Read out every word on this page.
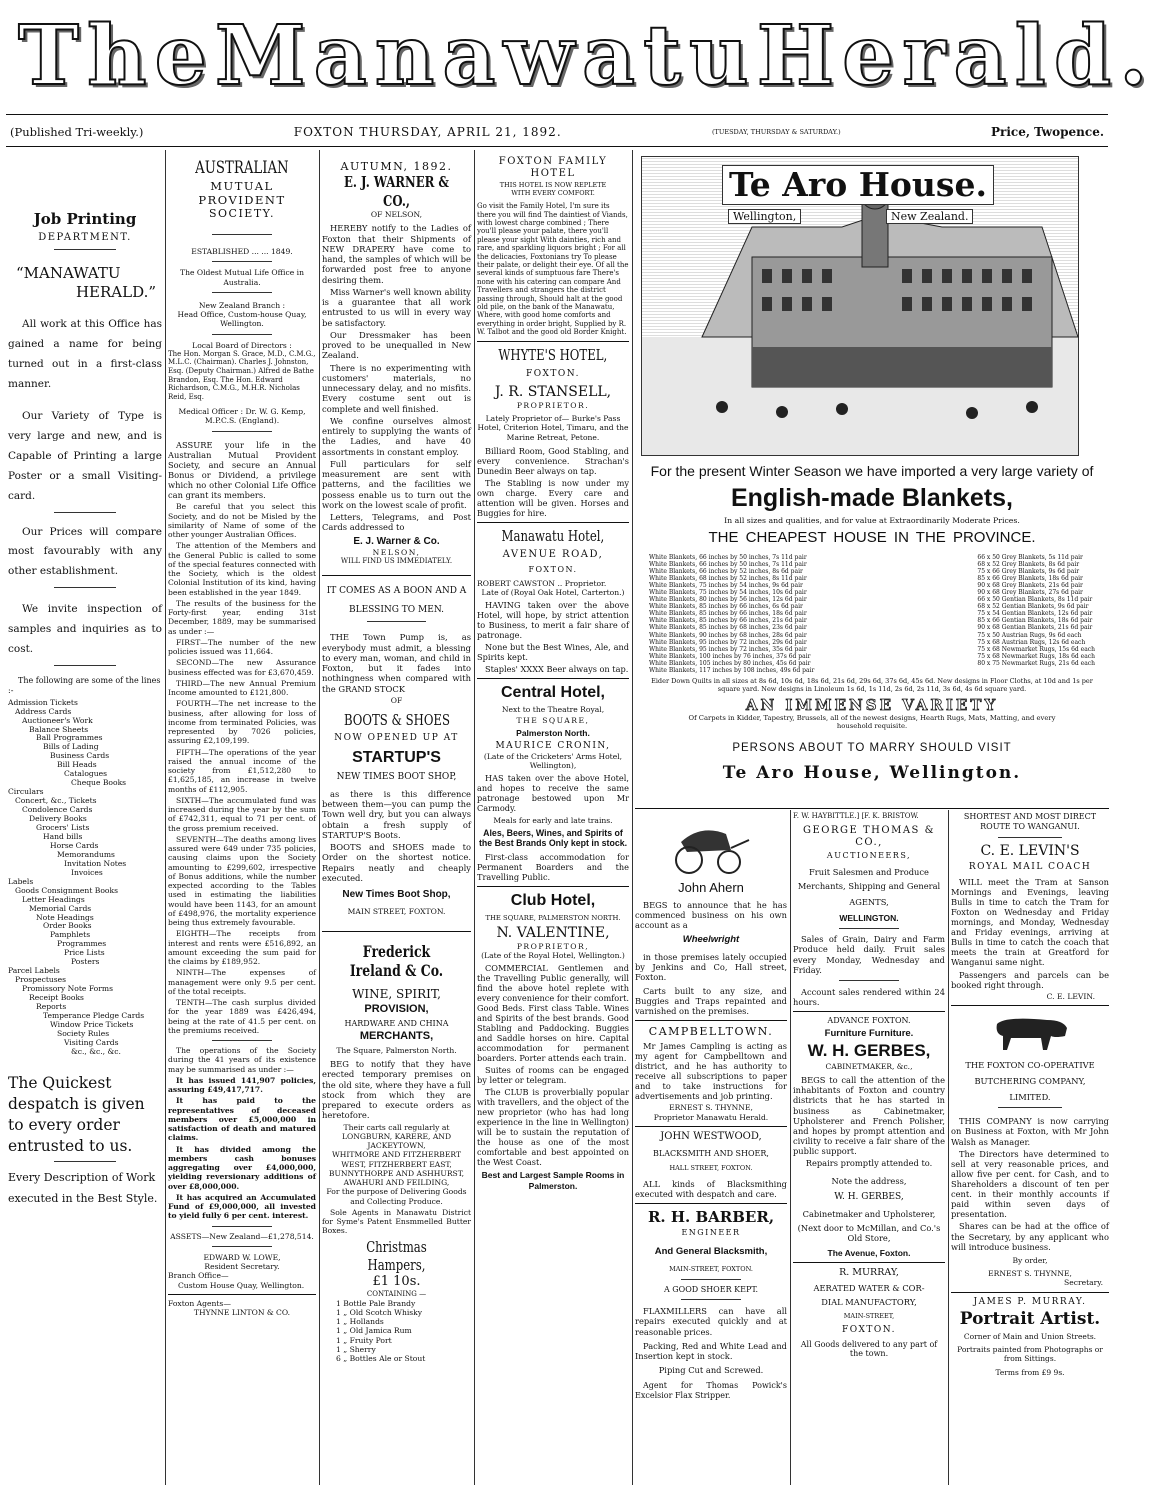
The Manawatu Herald.
(Published Tri-weekly.)	FOXTON THURSDAY, APRIL 21, 1892.	(TUESDAY, THURSDAY & SATURDAY.)	Price, Twopence.
Job Printing
DEPARTMENT.
“MANAWATU
HERALD.”
All work at this Office has gained a name for being turned out in a first-class manner.
Our Variety of Type is very large and new, and is Capable of Printing a large Poster or a small Visiting-card.
Our Prices will compare most favourably with any other establishment.
We invite inspection of samples and inquiries as to cost.
The following are some of the lines :-
Admission Tickets
Address Cards
Auctioneer's Work
Balance Sheets
Ball Programmes
Bills of Lading
Business Cards
Bill Heads
Catalogues
Cheque Books
Circulars
Concert, &c., Tickets
Condolence Cards
Delivery Books
Grocers' Lists
Hand bills
Horse Cards
Memorandums
Invitation Notes
Invoices
Labels
Goods Consignment Books
Letter Headings
Memorial Cards
Note Headings
Order Books
Pamphlets
Programmes
Price Lists
Posters
Parcel Labels
Prospectuses
Promissory Note Forms
Receipt Books
Reports
Temperance Pledge Cards
Window Price Tickets
Society Rules
Visiting Cards
&c., &c., &c.
The Quickest despatch is given to every order entrusted to us.
Every Description of Work executed in the Best Style.
AUSTRALIAN
MUTUAL PROVIDENT
SOCIETY.
ESTABLISHED ... ... 1849.
The Oldest Mutual Life Office in Australia.
New Zealand Branch :
Head Office, Custom-house Quay, Wellington.
Local Board of Directors :
The Hon. Morgan S. Grace, M.D., C.M.G., M.L.C. (Chairman). Charles J. Johnston, Esq. (Deputy Chairman.) Alfred de Bathe Brandon, Esq. The Hon. Edward Richardson, C.M.G., M.H.R. Nicholas Reid, Esq.
Medical Officer : Dr. W. G. Kemp, M.P.C.S. (England).
ASSURE your life in the Australian Mutual Provident Society, and secure an Annual Bonus or Dividend, a privilege which no other Colonial Life Office can grant its members.
Be careful that you select this Society, and do not be Misled by the similarity of Name of some of the other younger Australian Offices.
The attention of the Members and the General Public is called to some of the special features connected with the Society, which is the oldest Colonial Institution of its kind, having been established in the year 1849.
The results of the business for the Forty-first year, ending 31st December, 1889, may be summarised as under :—
FIRST—The number of the new policies issued was 11,664.
SECOND—The new Assurance business effected was for £3,670,459.
THIRD—The new Annual Premium Income amounted to £121,800.
FOURTH—The net increase to the business, after allowing for loss of income from terminated Policies, was represented by 7026 policies, assuring £2,109,199.
FIFTH—The operations of the year raised the annual income of the society from £1,512,280 to £1,625,185, an increase in twelve months of £112,905.
SIXTH—The accumulated fund was increased during the year by the sum of £742,311, equal to 71 per cent. of the gross premium received.
SEVENTH—The deaths among lives assured were 649 under 735 policies, causing claims upon the Society amounting to £299,602, irrespective of Bonus additions, while the number expected according to the Tables used in estimating the liabilities would have been 1143, for an amount of £498,976, the mortality experience being thus extremely favourable.
EIGHTH—The receipts from interest and rents were £516,892, an amount exceeding the sum paid for the claims by £189,952.
NINTH—The expenses of management were only 9.5 per cent. of the total receipts.
TENTH—The cash surplus divided for the year 1889 was £426,494, being at the rate of 41.5 per cent. on the premiums received.
The operations of the Society during the 41 years of its existence may be summarised as under :—
It has issued 141,907 policies, assuring £49,417,717.
It has paid to the representatives of deceased members over £5,000,000 in satisfaction of death and matured claims.
It has divided among the members cash bonuses aggregating over £4,000,000, yielding reversionary additions of over £8,000,000.
It has acquired an Accumulated Fund of £9,000,000, all invested to yield fully 6 per cent. interest.
ASSETS—New Zealand—£1,278,514.
EDWARD W. LOWE,
Resident Secretary.
Branch Office—
Custom House Quay, Wellington.
Foxton Agents—
THYNNE LINTON & CO.
AUTUMN, 1892.
E. J. WARNER & CO.,
OF NELSON,
HEREBY notify to the Ladies of Foxton that their Shipments of NEW DRAPERY have come to hand, the samples of which will be forwarded post free to anyone desiring them.
Miss Warner's well known ability is a guarantee that all work entrusted to us will in every way be satisfactory.
Our Dressmaker has been proved to be unequalled in New Zealand.
There is no experimenting with customers' materials, no unnecessary delay, and no misfits. Every costume sent out is complete and well finished.
We confine ourselves almost entirely to supplying the wants of the Ladies, and have 40 assortments in constant employ.
Full particulars for self measurement are sent with patterns, and the facilities we possess enable us to turn out the work on the lowest scale of profit.
Letters, Telegrams, and Post Cards addressed to
E. J. Warner & Co.
NELSON,
WILL FIND US IMMEDIATELY.
IT COMES AS A BOON AND A
BLESSING TO MEN.
THE Town Pump is, as everybody must admit, a blessing to every man, woman, and child in Foxton, but it fades into nothingness when compared with the GRAND STOCK
OF
BOOTS & SHOES
NOW OPENED UP AT
STARTUP'S
NEW TIMES BOOT SHOP,
as there is this difference between them—you can pump the Town well dry, but you can always obtain a fresh supply of STARTUP'S Boots.
BOOTS and SHOES made to Order on the shortest notice. Repairs neatly and cheaply executed.
New Times Boot Shop,
MAIN STREET, FOXTON.
Frederick Ireland & Co.
WINE, SPIRIT,
PROVISION,
HARDWARE AND CHINA
MERCHANTS,
The Square, Palmerston North.
BEG to notify that they have erected temporary premises on the old site, where they have a full stock from which they are prepared to execute orders as heretofore.
Their carts call regularly at LONGBURN, KARERE, AND JACKEYTOWN,
WHITMORE AND FITZHERBERT WEST, FITZHERBERT EAST, BUNNYTHORPE AND ASHHURST, AWAHURI AND FEILDING,
For the purpose of Delivering Goods and Collecting Produce.
Sole Agents in Manawatu District for Syme's Patent Ensmmelled Butter Boxes.
Christmas Hampers,
£1 10s.
CONTAINING —
1 Bottle Pale Brandy
1 „ Old Scotch Whisky
1 „ Hollands
1 „ Old Jamica Rum
1 „ Fruity Port
1 „ Sherry
6 „ Bottles Ale or Stout
FOXTON FAMILY HOTEL
THIS HOTEL IS NOW REPLETE
WITH EVERY COMFORT.
Go visit the Family Hotel, I'm sure its there you will find The daintiest of Viands, with lowest charge combined ; There you'll please your palate, there you'll please your sight With dainties, rich and rare, and sparkling liquors bright ; For all the delicacies, Foxtonians try To please their palate, or delight their eye. Of all the several kinds of sumptuous fare There's none with his catering can compare And Travellers and strangers the district passing through, Should halt at the good old pile, on the bank of the Manawatu, Where, with good home comforts and everything in order bright, Supplied by R. W. Talbot and the good old Border Knight.
WHYTE'S HOTEL,
FOXTON.
J. R. STANSELL,
PROPRIETOR.
Lately Proprietor of— Burke's Pass Hotel, Criterion Hotel, Timaru, and the Marine Retreat, Petone.
Billiard Room, Good Stabling, and every convenience. Strachan's Dunedin Beer always on tap.
The Stabling is now under my own charge. Every care and attention will be given. Horses and Buggies for hire.
Manawatu Hotel,
AVENUE ROAD,
FOXTON.
ROBERT CAWSTON .. Proprietor.
Late of (Royal Oak Hotel, Carterton.)
HAVING taken over the above Hotel, will hope, by strict attention to Business, to merit a fair share of patronage.
None but the Best Wines, Ale, and Spirits kept.
Staples' XXXX Beer always on tap.
Central Hotel,
Next to the Theatre Royal,
THE SQUARE,
Palmerston North.
MAURICE CRONIN,
(Late of the Cricketers' Arms Hotel, Wellington),
HAS taken over the above Hotel, and hopes to receive the same patronage bestowed upon Mr Carmody.
Meals for early and late trains.
Ales, Beers, Wines, and Spirits of the Best Brands Only kept in stock.
First-class accommodation for Permanent Boarders and the Travelling Public.
Club Hotel,
THE SQUARE, PALMERSTON NORTH.
N. VALENTINE,
PROPRIETOR,
(Late of the Royal Hotel, Wellington.)
COMMERCIAL Gentlemen and the Travelling Public generally, will find the above hotel replete with every convenience for their comfort. Good Beds. First class Table. Wines and Spirits of the best brands. Good Stabling and Paddocking. Buggies and Saddle horses on hire. Capital accommodation for permanent boarders. Porter attends each train.
Suites of rooms can be engaged by letter or telegram.
The CLUB is proverbially popular with travellers, and the object of the new proprietor (who has had long experience in the line in Wellington) will be to sustain the reputation of the house as one of the most comfortable and best appointed on the West Coast.
Best and Largest Sample Rooms in Palmerston.
Te Aro House.
Wellington,	New Zealand.
For the present Winter Season we have imported a very large variety of
English-made Blankets,
In all sizes and qualities, and for value at Extraordinarily Moderate Prices.
THE CHEAPEST HOUSE IN THE PROVINCE.
White Blankets, 66 inches by 50 inches, 7s 11d pair
White Blankets, 66 inches by 50 inches, 7s 11d pair
White Blankets, 66 inches by 52 inches, 8s 6d pair
White Blankets, 68 inches by 52 inches, 8s 11d pair
White Blankets, 75 inches by 54 inches, 9s 6d pair
White Blankets, 75 inches by 54 inches, 10s 6d pair
White Blankets, 80 inches by 56 inches, 12s 6d pair
White Blankets, 85 inches by 66 inches, 6s 6d pair
White Blankets, 85 inches by 66 inches, 18s 6d pair
White Blankets, 85 inches by 66 inches, 21s 6d pair
White Blankets, 85 inches by 68 inches, 23s 6d pair
White Blankets, 90 inches by 68 inches, 28s 6d pair
White Blankets, 95 inches by 72 inches, 29s 6d pair
White Blankets, 95 inches by 72 inches, 35s 6d pair
White Blankets, 100 inches by 76 inches, 37s 6d pair
White Blankets, 105 inches by 80 inches, 45s 6d pair
White Blankets, 117 inches by 108 inches, 49s 6d pair
66 x 50 Grey Blankets, 5s 11d pair
68 x 52 Grey Blankets, 8s 6d pair
75 x 66 Grey Blankets, 9s 6d pair
85 x 66 Grey Blankets, 18s 6d pair
90 x 68 Grey Blankets, 21s 6d pair
90 x 68 Grey Blankets, 27s 6d pair
66 x 50 Gentian Blankets, 8s 11d pair
68 x 52 Gentian Blankets, 9s 6d pair
75 x 54 Gentian Blankets, 12s 6d pair
85 x 66 Gentian Blankets, 18s 6d pair
90 x 68 Gentian Blankets, 21s 6d pair
75 x 50 Austrian Rugs, 9s 6d each
75 x 68 Austrian Rugs, 12s 6d each
75 x 68 Newmarket Rugs, 15s 6d each
75 x 68 Newmarket Rugs, 18s 6d each
80 x 75 Newmarket Rugs, 21s 6d each
Eider Down Quilts in all sizes at 8s 6d, 10s 6d, 18s 6d, 21s 6d, 29s 6d, 37s 6d, 45s 6d. New designs in Floor Cloths, at 10d and 1s per square yard. New designs in Linoleum 1s 6d, 1s 11d, 2s 6d, 2s 11d, 3s 6d, 4s 6d square yard.
AN IMMENSE VARIETY
Of Carpets in Kidder, Tapestry, Brussels, all of the newest designs, Hearth Rugs, Mats, Matting, and every household requisite.
PERSONS ABOUT TO MARRY SHOULD VISIT
Te Aro House, Wellington.
John Ahern
BEGS to announce that he has commenced business on his own account as a
Wheelwright
in those premises lately occupied by Jenkins and Co, Hall street, Foxton.
Carts built to any size, and Buggies and Traps repainted and varnished on the premises.
CAMPBELLTOWN.
Mr James Campling is acting as my agent for Campbelltown and district, and he has authority to receive all subscriptions to paper and to take instructions for advertisements and job printing.
ERNEST S. THYNNE,
Proprietor Manawatu Herald.
JOHN WESTWOOD,
BLACKSMITH AND SHOER,
HALL STREET, FOXTON.
ALL kinds of Blacksmithing executed with despatch and care.
R. H. BARBER,
ENGINEER
And General Blacksmith,
MAIN-STREET, FOXTON.
A GOOD SHOER KEPT.
FLAXMILLERS can have all repairs executed quickly and at reasonable prices.
Packing, Red and White Lead and Insertion kept in stock.
Piping Cut and Screwed.
Agent for Thomas Powick's Excelsior Flax Stripper.
F. W. HAYBITTLE.] [F. K. BRISTOW.
GEORGE THOMAS & CO.,
AUCTIONEERS,
Fruit Salesmen and Produce Merchants, Shipping and General
AGENTS,
WELLINGTON.
Sales of Grain, Dairy and Farm Produce held daily. Fruit sales every Monday, Wednesday and Friday.
Account sales rendered within 24 hours.
ADVANCE FOXTON.
Furniture Furniture.
W. H. GERBES,
CABINETMAKER, &c.,
BEGS to call the attention of the inhabitants of Foxton and country districts that he has started in business as Cabinetmaker, Upholsterer and French Polisher, and hopes by prompt attention and civility to receive a fair share of the public support.
Repairs promptly attended to.
Note the address,
W. H. GERBES,
Cabinetmaker and Upholsterer,
(Next door to McMillan, and Co.'s Old Store,
The Avenue, Foxton.
R. MURRAY,
AERATED WATER & COR-
DIAL MANUFACTORY,
MAIN-STREET,
FOXTON.
All Goods delivered to any part of the town.
SHORTEST AND MOST DIRECT
ROUTE TO WANGANUI.
C. E. LEVIN'S
ROYAL MAIL COACH
WILL meet the Tram at Sanson Mornings and Evenings, leaving Bulls in time to catch the Tram for Foxton on Wednesday and Friday mornings, and Monday, Wednesday and Friday evenings, arriving at Bulls in time to catch the coach that meets the train at Greatford for Wanganui same night.
Passengers and parcels can be booked right through.
C. E. LEVIN.
THE FOXTON CO-OPERATIVE
BUTCHERING COMPANY,
LIMITED.
THIS COMPANY is now carrying on Business at Foxton, with Mr John Walsh as Manager.
The Directors have determined to sell at very reasonable prices, and allow five per cent. for Cash, and to Shareholders a discount of ten per cent. in their monthly accounts if paid within seven days of presentation.
Shares can be had at the office of the Secretary, by any applicant who will introduce business.
By order,
ERNEST S. THYNNE,
Secretary.
JAMES P. MURRAY.
Portrait Artist.
Corner of Main and Union Streets.
Portraits painted from Photographs or from Sittings.
Terms from £9 9s.
